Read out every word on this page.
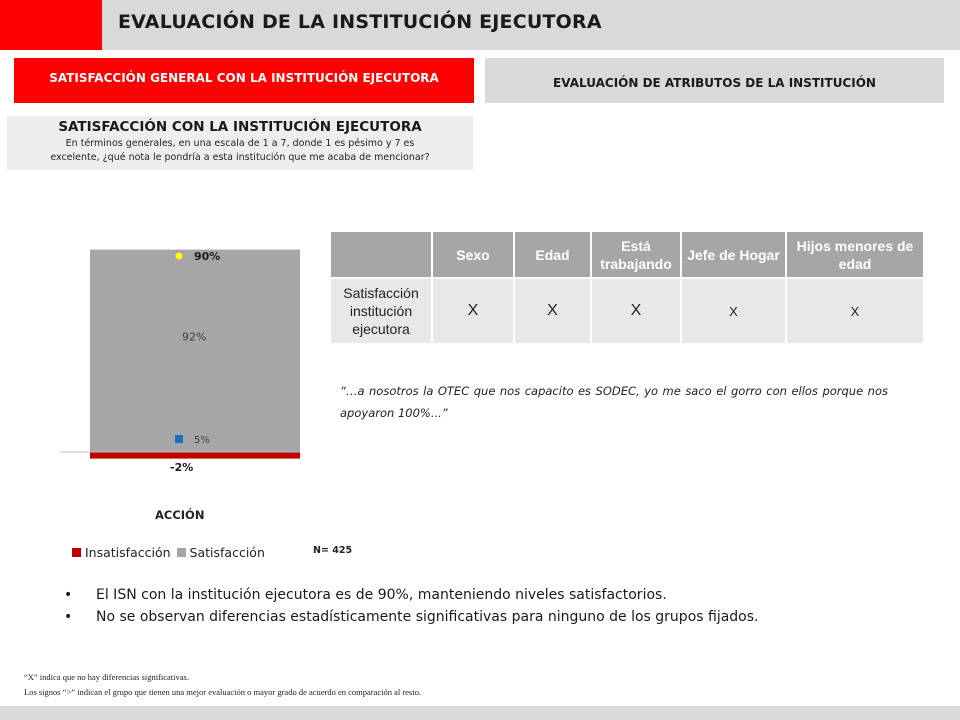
EVALUACIÓN DE LA INSTITUCIÓN EJECUTORA
SATISFACCIÓN GENERAL CON LA INSTITUCIÓN EJECUTORA	EVALUACIÓN DE ATRIBUTOS DE LA INSTITUCIÓN
SATISFACCIÓN CON LA INSTITUCIÓN EJECUTORA
En términos generales, en una escala de 1 a 7, donde 1 es pésimo y 7 es
excelente, ¿qué nota le pondría a esta institución que me acaba de mencionar?
92%
-2%
90%
5%
ACCIÓN
Insatisfacción Satisfacción	N= 425
	Sexo	Edad	Está trabajando	Jefe de Hogar	Hijos menores de edad
Satisfacción institución ejecutora	X	X	X	X	X
“…a nosotros la OTEC que nos capacito es SODEC, yo me saco el gorro con ellos porque nos apoyaron 100%...”
• El ISN con la institución ejecutora es de 90%, manteniendo niveles satisfactorios.
• No se observan diferencias estadísticamente significativas para ninguno de los grupos fijados.
“X” indica que no hay diferencias significativas.
Los signos “>” indican el grupo que tienen una mejor evaluación o mayor grado de acuerdo en comparación al resto.
